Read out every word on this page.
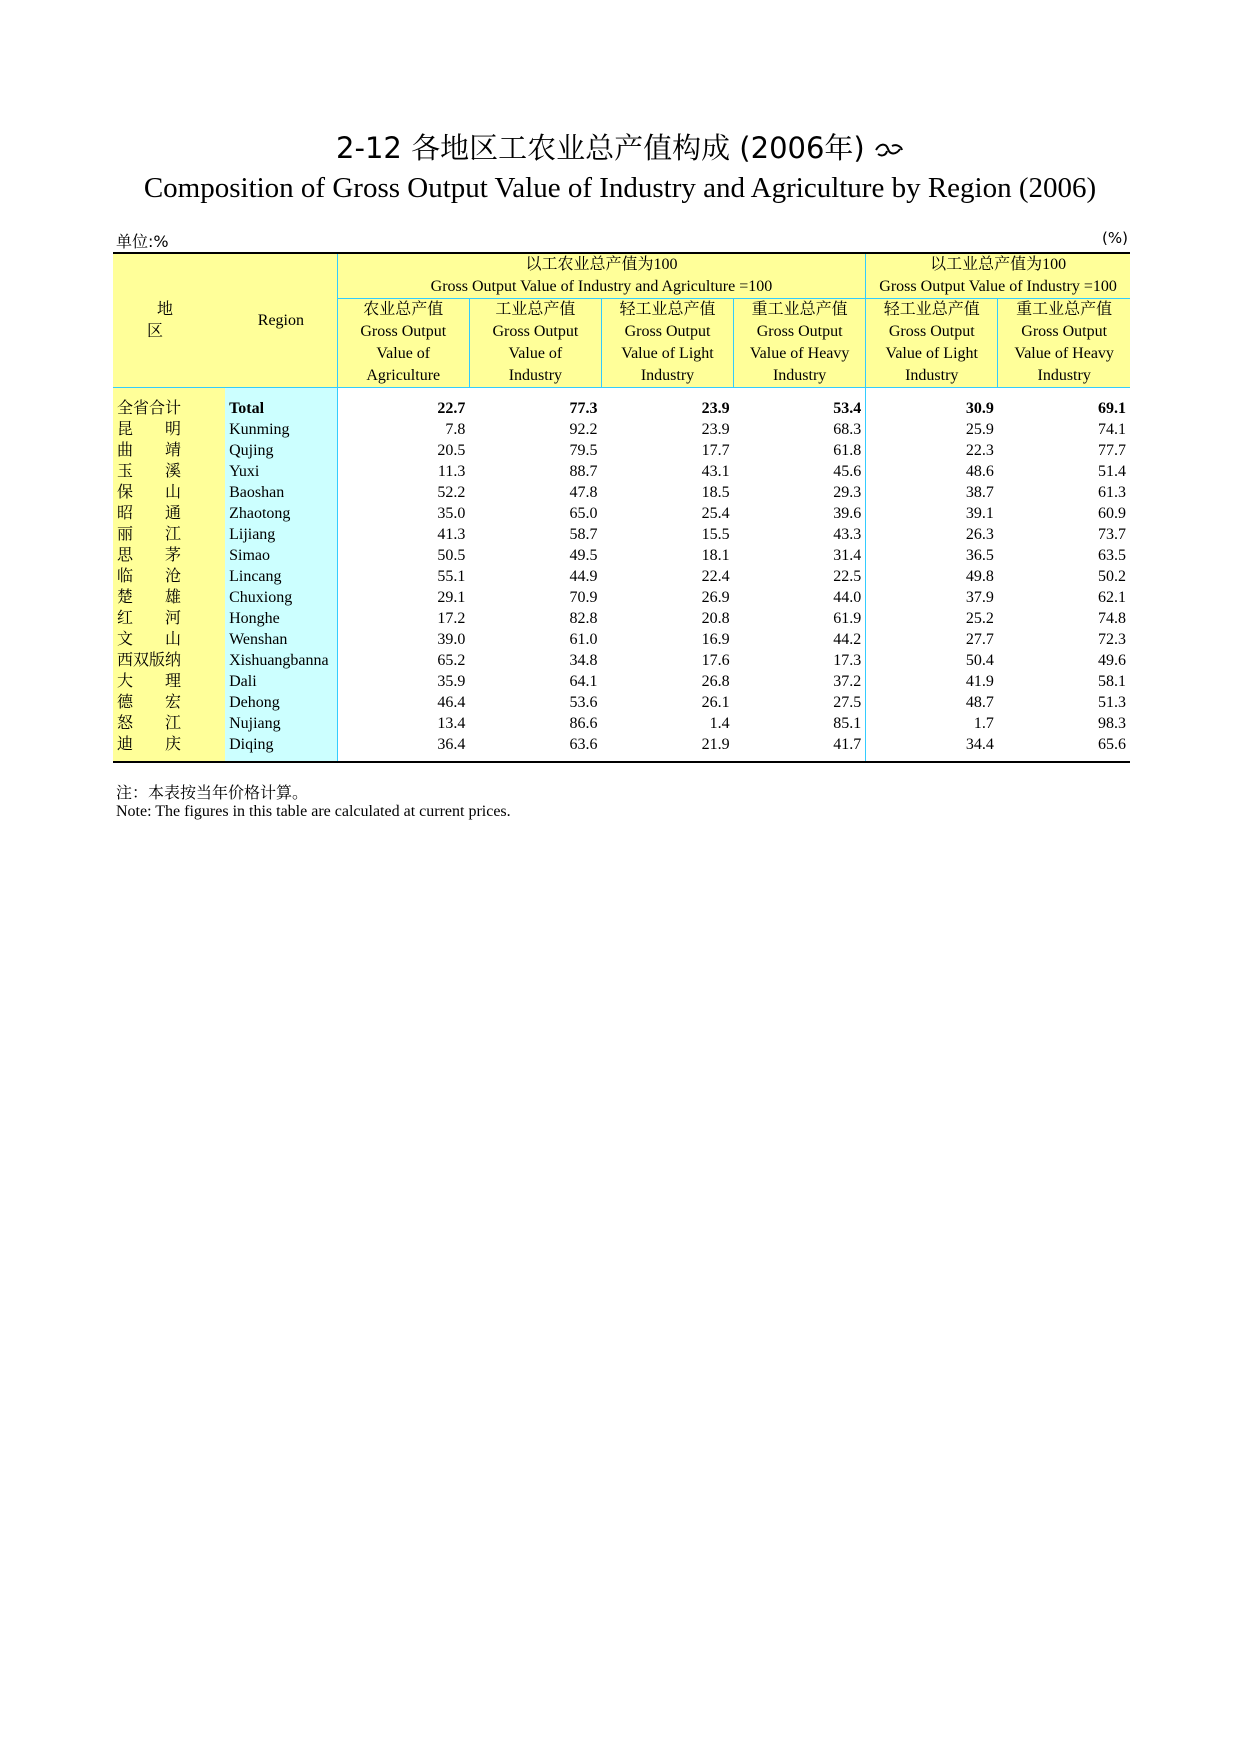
2-12 各地区工农业总产值构成 (2006年)
Composition of Gross Output Value of Industry and Agriculture by Region (2006)
单位:%	(%)
地 区	Region	以工农业总产值为100				以工业总产值为100	
		Gross Output Value of Industry and Agriculture =100				Gross Output Value of Industry =100	
		农业总产值	工业总产值	轻工业总产值	重工业总产值	轻工业总产值	重工业总产值
		Gross Output	Gross Output	Gross Output	Gross Output	Gross Output	Gross Output
		Value of	Value of	Value of Light	Value of Heavy	Value of Light	Value of Heavy
		Agriculture	Industry	Industry	Industry	Industry	Industry
全省合计	Total	22.7	77.3	23.9	53.4	30.9	69.1
昆　　明	Kunming	7.8	92.2	23.9	68.3	25.9	74.1
曲　　靖	Qujing	20.5	79.5	17.7	61.8	22.3	77.7
玉　　溪	Yuxi	11.3	88.7	43.1	45.6	48.6	51.4
保　　山	Baoshan	52.2	47.8	18.5	29.3	38.7	61.3
昭　　通	Zhaotong	35.0	65.0	25.4	39.6	39.1	60.9
丽　　江	Lijiang	41.3	58.7	15.5	43.3	26.3	73.7
思　　茅	Simao	50.5	49.5	18.1	31.4	36.5	63.5
临　　沧	Lincang	55.1	44.9	22.4	22.5	49.8	50.2
楚　　雄	Chuxiong	29.1	70.9	26.9	44.0	37.9	62.1
红　　河	Honghe	17.2	82.8	20.8	61.9	25.2	74.8
文　　山	Wenshan	39.0	61.0	16.9	44.2	27.7	72.3
西双版纳	Xishuangbanna	65.2	34.8	17.6	17.3	50.4	49.6
大　　理	Dali	35.9	64.1	26.8	37.2	41.9	58.1
德　　宏	Dehong	46.4	53.6	26.1	27.5	48.7	51.3
怒　　江	Nujiang	13.4	86.6	1.4	85.1	1.7	98.3
迪　　庆	Diqing	36.4	63.6	21.9	41.7	34.4	65.6
注：本表按当年价格计算。
Note: The figures in this table are calculated at current prices.
